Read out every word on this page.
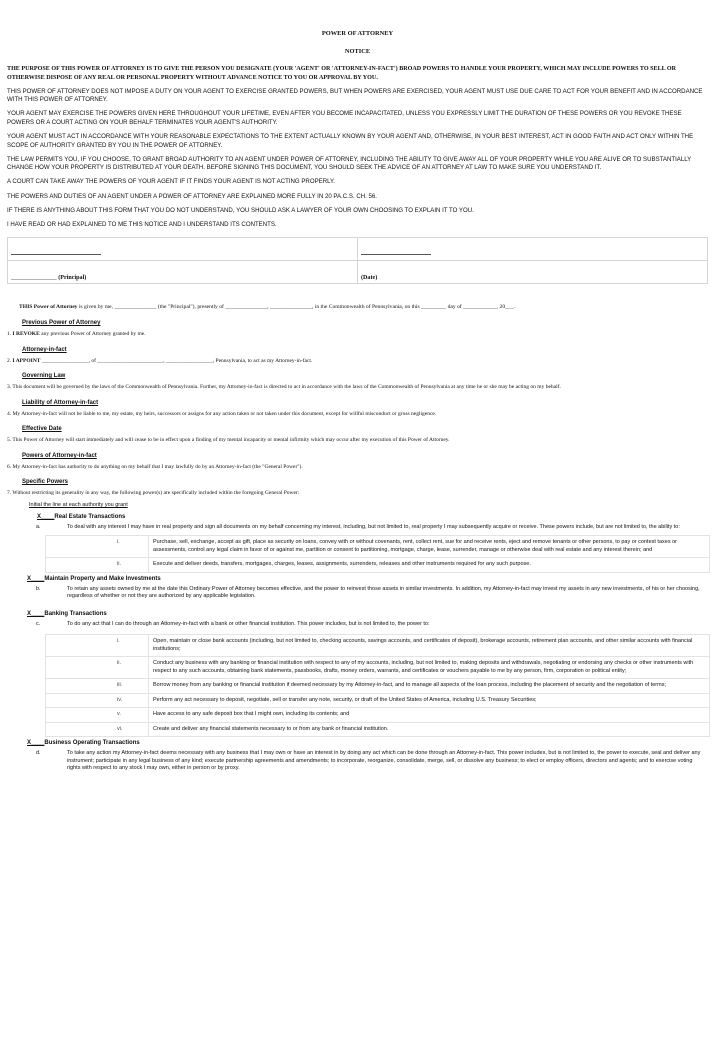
POWER OF ATTORNEY
NOTICE

THE PURPOSE OF THIS POWER OF ATTORNEY IS TO GIVE THE PERSON YOU DESIGNATE (YOUR 'AGENT' OR 'ATTORNEY-IN-FACT') BROAD POWERS TO HANDLE YOUR PROPERTY, WHICH MAY INCLUDE POWERS TO SELL OR OTHERWISE DISPOSE OF ANY REAL OR PERSONAL PROPERTY WITHOUT ADVANCE NOTICE TO YOU OR APPROVAL BY YOU.

THIS POWER OF ATTORNEY DOES NOT IMPOSE A DUTY ON YOUR AGENT TO EXERCISE GRANTED POWERS, BUT WHEN POWERS ARE EXERCISED, YOUR AGENT MUST USE DUE CARE TO ACT FOR YOUR BENEFIT AND IN ACCORDANCE WITH THIS POWER OF ATTORNEY.

YOUR AGENT MAY EXERCISE THE POWERS GIVEN HERE THROUGHOUT YOUR LIFETIME, EVEN AFTER YOU BECOME INCAPACITATED, UNLESS YOU EXPRESSLY LIMIT THE DURATION OF THESE POWERS OR YOU REVOKE THESE POWERS OR A COURT ACTING ON YOUR BEHALF TERMINATES YOUR AGENT'S AUTHORITY.

YOUR AGENT MUST ACT IN ACCORDANCE WITH YOUR REASONABLE EXPECTATIONS TO THE EXTENT ACTUALLY KNOWN BY YOUR AGENT AND, OTHERWISE, IN YOUR BEST INTEREST, ACT IN GOOD FAITH AND ACT ONLY WITHIN THE SCOPE OF AUTHORITY GRANTED BY YOU IN THE POWER OF ATTORNEY.

THE LAW PERMITS YOU, IF YOU CHOOSE, TO GRANT BROAD AUTHORITY TO AN AGENT UNDER POWER OF ATTORNEY, INCLUDING THE ABILITY TO GIVE AWAY ALL OF YOUR PROPERTY WHILE YOU ARE ALIVE OR TO SUBSTANTIALLY CHANGE HOW YOUR PROPERTY IS DISTRIBUTED AT YOUR DEATH. BEFORE SIGNING THIS DOCUMENT, YOU SHOULD SEEK THE ADVICE OF AN ATTORNEY AT LAW TO MAKE SURE YOU UNDERSTAND IT.

A COURT CAN TAKE AWAY THE POWERS OF YOUR AGENT IF IT FINDS YOUR AGENT IS NOT ACTING PROPERLY.

THE POWERS AND DUTIES OF AN AGENT UNDER A POWER OF ATTORNEY ARE EXPLAINED MORE FULLY IN 20 PA.C.S. CH. 56.

IF THERE IS ANYTHING ABOUT THIS FORM THAT YOU DO NOT UNDERSTAND, YOU SHOULD ASK A LAWYER OF YOUR OWN CHOOSING TO EXPLAIN IT TO YOU.

I HAVE READ OR HAD EXPLAINED TO ME THIS NOTICE AND I UNDERSTAND ITS CONTENTS.

_______________ (Principal)	(Date)
THIS Power of Attorney is given by me, _______________ (the "Principal"), presently of _______________, _______________, in the Commonwealth of Pennsylvania, on this _________ day of ____________, 20___.
Previous Power of Attorney
1. I REVOKE any previous Power of Attorney granted by me.
Attorney-in-fact
2. I APPOINT _________________, of ________________________, _________________, Pennsylvania, to act as my Attorney-in-fact.
Governing Law
3. This document will be governed by the laws of the Commonwealth of Pennsylvania. Further, my Attorney-in-fact is directed to act in accordance with the laws of the Commonwealth of Pennsylvania at any time he or she may be acting on my behalf.
Liability of Attorney-in-fact
4. My Attorney-in-fact will not be liable to me, my estate, my heirs, successors or assigns for any action taken or not taken under this document, except for willful misconduct or gross negligence.
Effective Date
5. This Power of Attorney will start immediately and will cease to be in effect upon a finding of my mental incapacity or mental infirmity which may occur after my execution of this Power of Attorney.
Powers of Attorney-in-fact
6. My Attorney-in-fact has authority to do anything on my behalf that I may lawfully do by an Attorney-in-fact (the "General Power").
Specific Powers
7. Without restricting its generality in any way, the following power(s) are specifically included within the foregoing General Power:
Initial the line at each authority you grant
X____Real Estate Transactions
a.	To deal with any interest I may have in real property and sign all documents on my behalf concerning my interest, including, but not limited to, real property I may subsequently acquire or receive. These powers include, but are not limited to, the ability to:
i.	Purchase, sell, exchange, accept as gift, place as security on loans, convey with or without covenants, rent, collect rent, sue for and receive rents, eject and remove tenants or other persons, to pay or contest taxes or assessments, control any legal claim in favor of or against me, partition or consent to partitioning, mortgage, charge, lease, surrender, manage or otherwise deal with real estate and any interest therein; and
ii.	Execute and deliver deeds, transfers, mortgages, charges, leases, assignments, surrenders, releases and other instruments required for any such purpose.
X____Maintain Property and Make Investments
b.	To retain any assets owned by me at the date this Ordinary Power of Attorney becomes effective, and the power to reinvest those assets in similar investments. In addition, my Attorney-in-fact may invest my assets in any new investments, of his or her choosing, regardless of whether or not they are authorized by any applicable legislation.
X____Banking Transactions
c.	To do any act that I can do through an Attorney-in-fact with a bank or other financial institution. This power includes, but is not limited to, the power to:
i.	Open, maintain or close bank accounts (including, but not limited to, checking accounts, savings accounts, and certificates of deposit), brokerage accounts, retirement plan accounts, and other similar accounts with financial institutions;
ii.	Conduct any business with any banking or financial institution with respect to any of my accounts, including, but not limited to, making deposits and withdrawals, negotiating or endorsing any checks or other instruments with respect to any such accounts, obtaining bank statements, passbooks, drafts, money orders, warrants, and certificates or vouchers payable to me by any person, firm, corporation or political entity;
iii.	Borrow money from any banking or financial institution if deemed necessary by my Attorney-in-fact, and to manage all aspects of the loan process, including the placement of security and the negotiation of terms;
iv.	Perform any act necessary to deposit, negotiate, sell or transfer any note, security, or draft of the United States of America, including U.S. Treasury Securities;
v.	Have access to any safe deposit box that I might own, including its contents; and
vi.	Create and deliver any financial statements necessary to or from any bank or financial institution.
X____Business Operating Transactions
d.	To take any action my Attorney-in-fact deems necessary with any business that I may own or have an interest in by doing any act which can be done through an Attorney-in-fact. This power includes, but is not limited to, the power to execute, seal and deliver any instrument; participate in any legal business of any kind; execute partnership agreements and amendments; to incorporate, reorganize, consolidate, merge, sell, or dissolve any business; to elect or employ officers, directors and agents; and to exercise voting rights with respect to any stock I may own, either in person or by proxy.
